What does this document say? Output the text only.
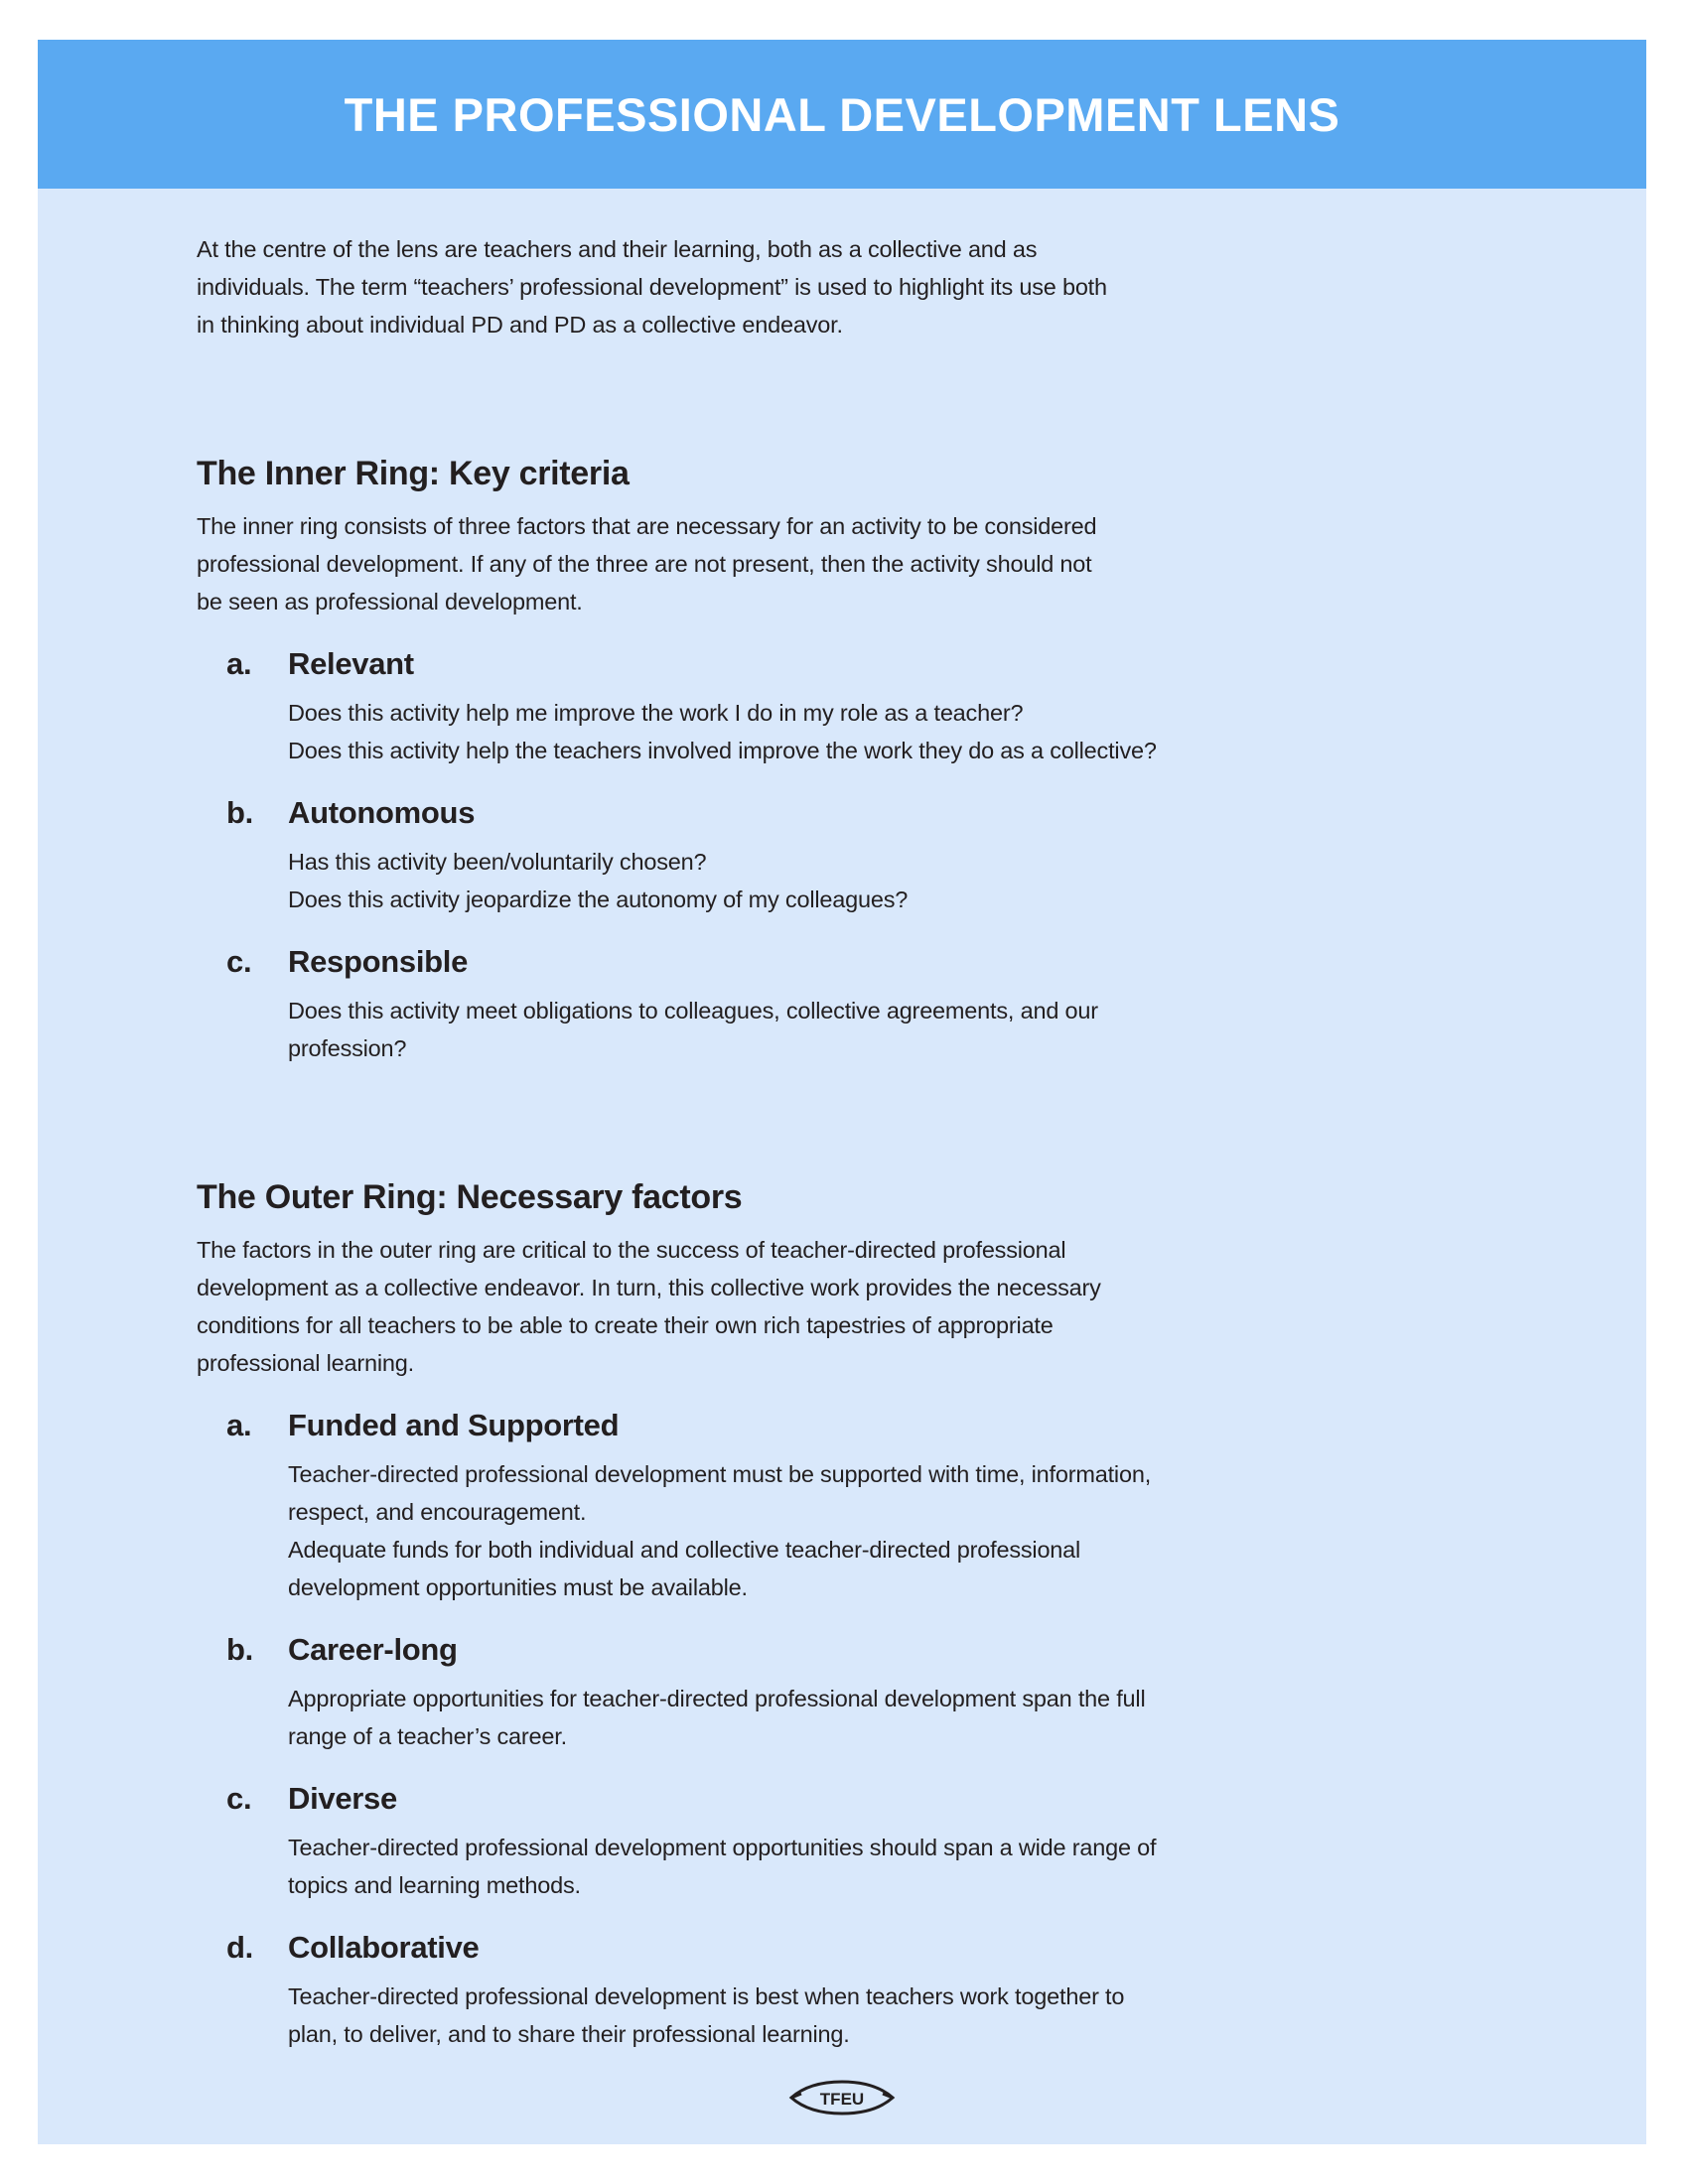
THE PROFESSIONAL DEVELOPMENT LENS
At the centre of the lens are teachers and their learning, both as a collective and as
individuals. The term “teachers’ professional development” is used to highlight its use both
in thinking about individual PD and PD as a collective endeavor.
The Inner Ring: Key criteria
The inner ring consists of three factors that are necessary for an activity to be considered
professional development. If any of the three are not present, then the activity should not
be seen as professional development.
a.	Relevant
Does this activity help me improve the work I do in my role as a teacher?
Does this activity help the teachers involved improve the work they do as a collective?
b.	Autonomous
Has this activity been/voluntarily chosen?
Does this activity jeopardize the autonomy of my colleagues?
c.	Responsible
Does this activity meet obligations to colleagues, collective agreements, and our
profession?
The Outer Ring: Necessary factors
The factors in the outer ring are critical to the success of teacher-directed professional
development as a collective endeavor. In turn, this collective work provides the necessary
conditions for all teachers to be able to create their own rich tapestries of appropriate
professional learning.
a.	Funded and Supported
Teacher-directed professional development must be supported with time, information,
respect, and encouragement.
Adequate funds for both individual and collective teacher-directed professional
development opportunities must be available.
b.	Career-long
Appropriate opportunities for teacher-directed professional development span the full
range of a teacher’s career.
c.	Diverse
Teacher-directed professional development opportunities should span a wide range of
topics and learning methods.
d.	Collaborative
Teacher-directed professional development is best when teachers work together to
plan, to deliver, and to share their professional learning.
TFEU
